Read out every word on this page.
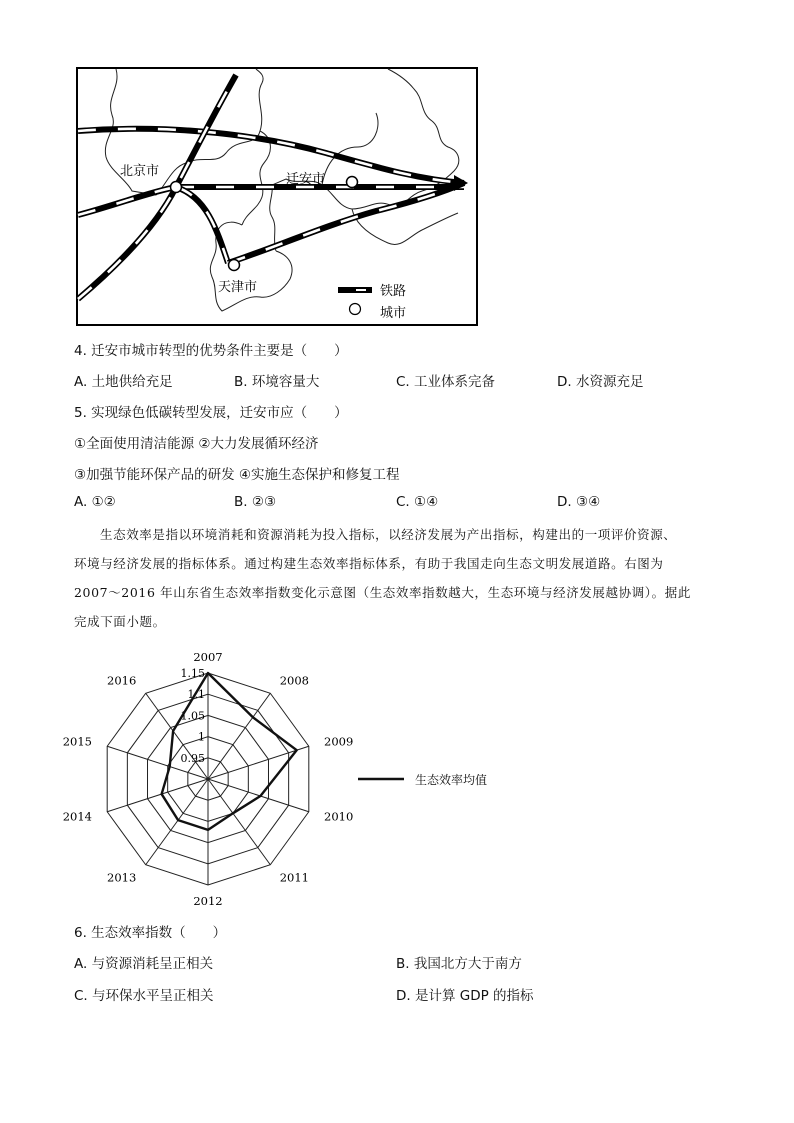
北京市
迁安市
天津市	铁路
城市
4. 迁安市城市转型的优势条件主要是（　　）
A. 土地供给充足	B. 环境容量大	C. 工业体系完备	D. 水资源充足
5. 实现绿色低碳转型发展，迁安市应（　　）
①全面使用清洁能源 ②大力发展循环经济
③加强节能环保产品的研发 ④实施生态保护和修复工程
A. ①②	B. ②③	C. ①④	D. ③④

生态效率是指以环境消耗和资源消耗为投入指标，以经济发展为产出指标，构建出的一项评价资源、

环境与经济发展的指标体系。通过构建生态效率指标体系，有助于我国走向生态文明发展道路。右图为

2007～2016 年山东省生态效率指数变化示意图（生态效率指数越大，生态环境与经济发展越协调）。据此

完成下面小题。

0.95
1
1.05
1.1
1.15
2007
2008
2009
2010
2011
2012
2013
2014
2015
2016
生态效率均值
6. 生态效率指数（　　）
A. 与资源消耗呈正相关	B. 我国北方大于南方
C. 与环保水平呈正相关	D. 是计算 GDP 的指标
